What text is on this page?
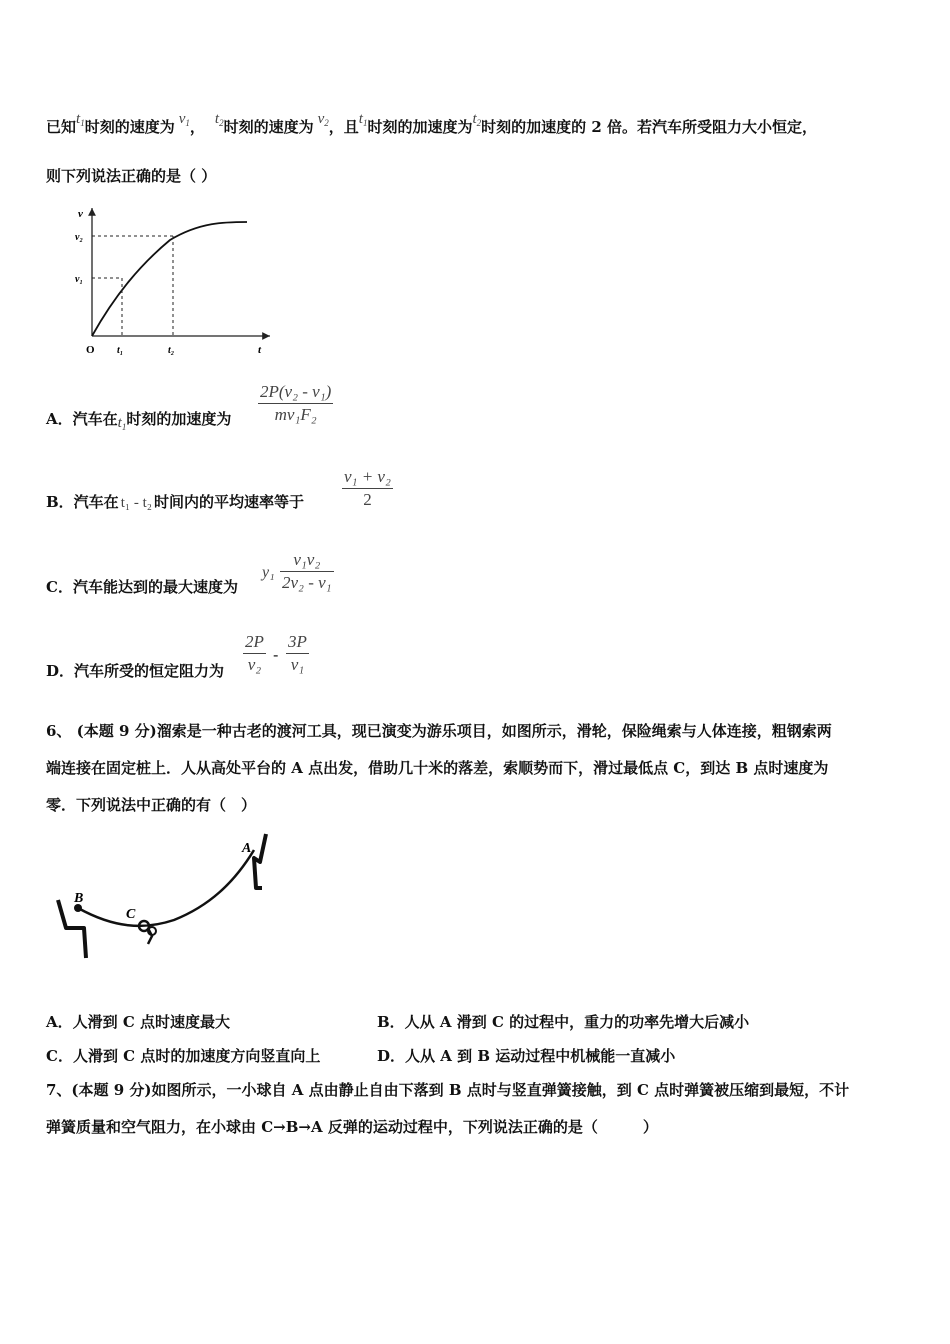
已知$t_1$时刻的速度为 $v_1$， $t_2$时刻的速度为 $v_2$，且$t_1$时刻的加速度为$t_2$时刻的加速度的 2 倍。若汽车所受阻力大小恒定，
则下列说法正确的是（ ）
v
v₂
v₁
O t₁	t₂	t
A．汽车在$t_1$时刻的加速度为
2P(v₂ - v₁)
mv₁F₂
B．汽车在 t₁ - t₂ 时间内的平均速率等于
v₁ + v₂
2
C．汽车能达到的最大速度为
y₁
v₁v₂
2v₂ - v₁
D．汽车所受的恒定阻力为
2P
v₂
-
3P
v₁
6、 (本题 9 分)溜索是一种古老的渡河工具，现已演变为游乐项目，如图所示，滑轮，保险绳索与人体连接，粗钢索两
端连接在固定桩上．人从高处平台的 A 点出发，借助几十米的落差，索顺势而下，滑过最低点 C，到达 B 点时速度为
零．下列说法中正确的有（　）
B
C
A
A．人滑到 C 点时速度最大	B．人从 A 滑到 C 的过程中，重力的功率先增大后减小
C．人滑到 C 点时的加速度方向竖直向上	D．人从 A 到 B 运动过程中机械能一直减小
7、(本题 9 分)如图所示，一小球自 A 点由静止自由下落到 B 点时与竖直弹簧接触，到 C 点时弹簧被压缩到最短，不计
弹簧质量和空气阻力，在小球由 C→B→A 反弹的运动过程中，下列说法正确的是（　　　）
